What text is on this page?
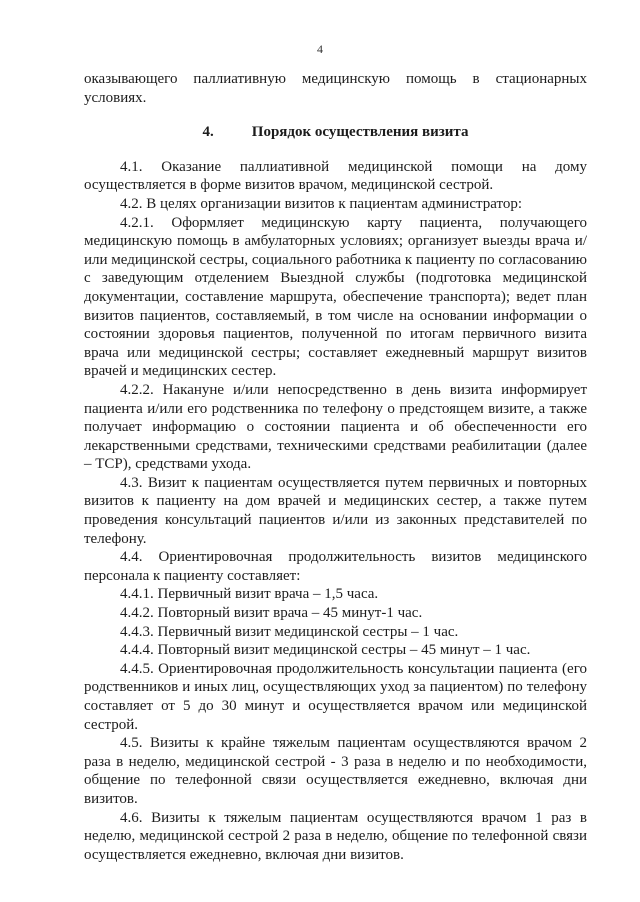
4

оказывающего паллиативную медицинскую помощь в стационарных условиях.

4.	Порядок осуществления визита

4.1. Оказание паллиативной медицинской помощи на дому осуществляется в форме визитов врачом, медицинской сестрой.

4.2. В целях организации визитов к пациентам администратор:

4.2.1. Оформляет медицинскую карту пациента, получающего медицинскую помощь в амбулаторных условиях; организует выезды врача и/или медицинской сестры, социального работника к пациенту по согласованию с заведующим отделением Выездной службы (подготовка медицинской документации, составление маршрута, обеспечение транспорта); ведет план визитов пациентов, составляемый, в том числе на основании информации о состоянии здоровья пациентов, полученной по итогам первичного визита врача или медицинской сестры; составляет ежедневный маршрут визитов врачей и медицинских сестер.

4.2.2. Накануне и/или непосредственно в день визита информирует пациента и/или его родственника по телефону о предстоящем визите, а также получает информацию о состоянии пациента и об обеспеченности его лекарственными средствами, техническими средствами реабилитации (далее – ТСР), средствами ухода.

4.3. Визит к пациентам осуществляется путем первичных и повторных визитов к пациенту на дом врачей и медицинских сестер, а также путем проведения консультаций пациентов и/или из законных представителей по телефону.

4.4. Ориентировочная продолжительность визитов медицинского персонала к пациенту составляет:

4.4.1. Первичный визит врача – 1,5 часа.

4.4.2. Повторный визит врача – 45 минут-1 час.

4.4.3. Первичный визит медицинской сестры – 1 час.

4.4.4. Повторный визит медицинской сестры – 45 минут – 1 час.

4.4.5. Ориентировочная продолжительность консультации пациента (его родственников и иных лиц, осуществляющих уход за пациентом) по телефону составляет от 5 до 30 минут и осуществляется врачом или медицинской сестрой.

4.5. Визиты к крайне тяжелым пациентам осуществляются врачом 2 раза в неделю, медицинской сестрой - 3 раза в неделю и по необходимости, общение по телефонной связи осуществляется ежедневно, включая дни визитов.

4.6. Визиты к тяжелым пациентам осуществляются врачом 1 раз в неделю, медицинской сестрой 2 раза в неделю, общение по телефонной связи осуществляется ежедневно, включая дни визитов.
